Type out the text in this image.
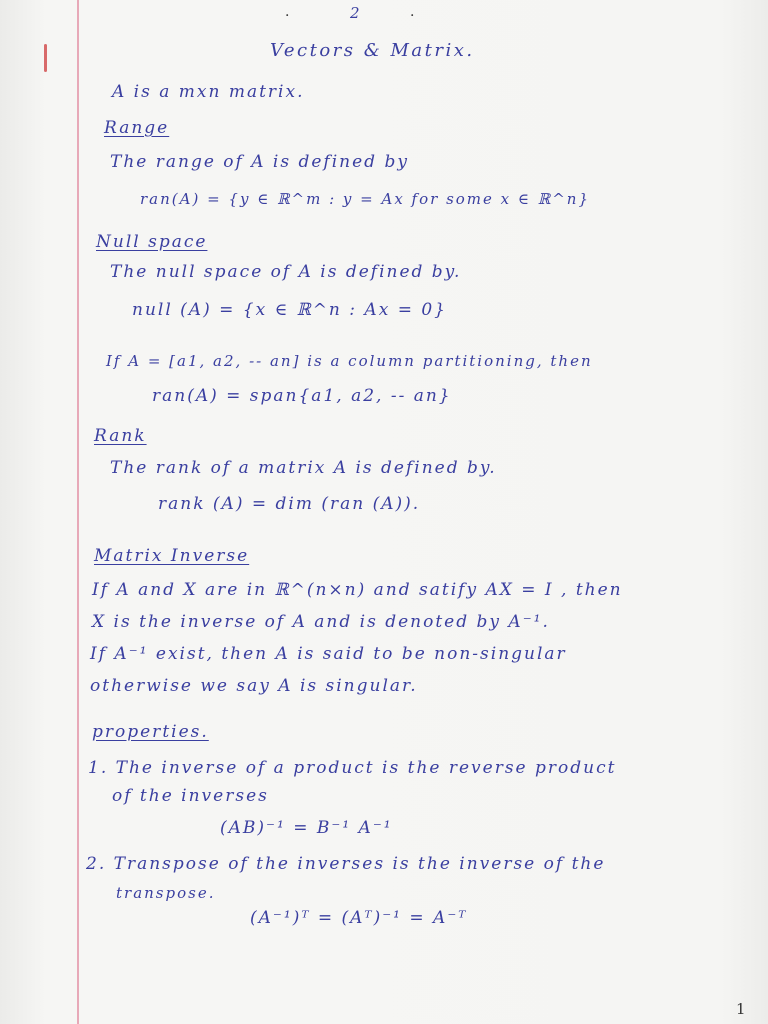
2
·	·
Vectors & Matrix.
A is a mxn matrix.
Range
The range of A is defined by
ran(A) = {y ∈ ℝ^m : y = Ax for some x ∈ ℝ^n}
Null space
The null space of A is defined by.
null (A) = {x ∈ ℝ^n : Ax = 0}
If A = [a1, a2, -- an] is a column partitioning, then
ran(A) = span{a1, a2, -- an}
Rank
The rank of a matrix A is defined by.
rank (A) = dim (ran (A)).
Matrix Inverse
If A and X are in ℝ^(n×n) and satify AX = I , then
X is the inverse of A and is denoted by A⁻¹.
If A⁻¹ exist, then A is said to be non-singular
otherwise we say A is singular.
properties.
1. The inverse of a product is the reverse product
of the inverses
(AB)⁻¹ = B⁻¹ A⁻¹
2. Transpose of the inverses is the inverse of the
transpose.
(A⁻¹)ᵀ = (Aᵀ)⁻¹ = A⁻ᵀ
1
